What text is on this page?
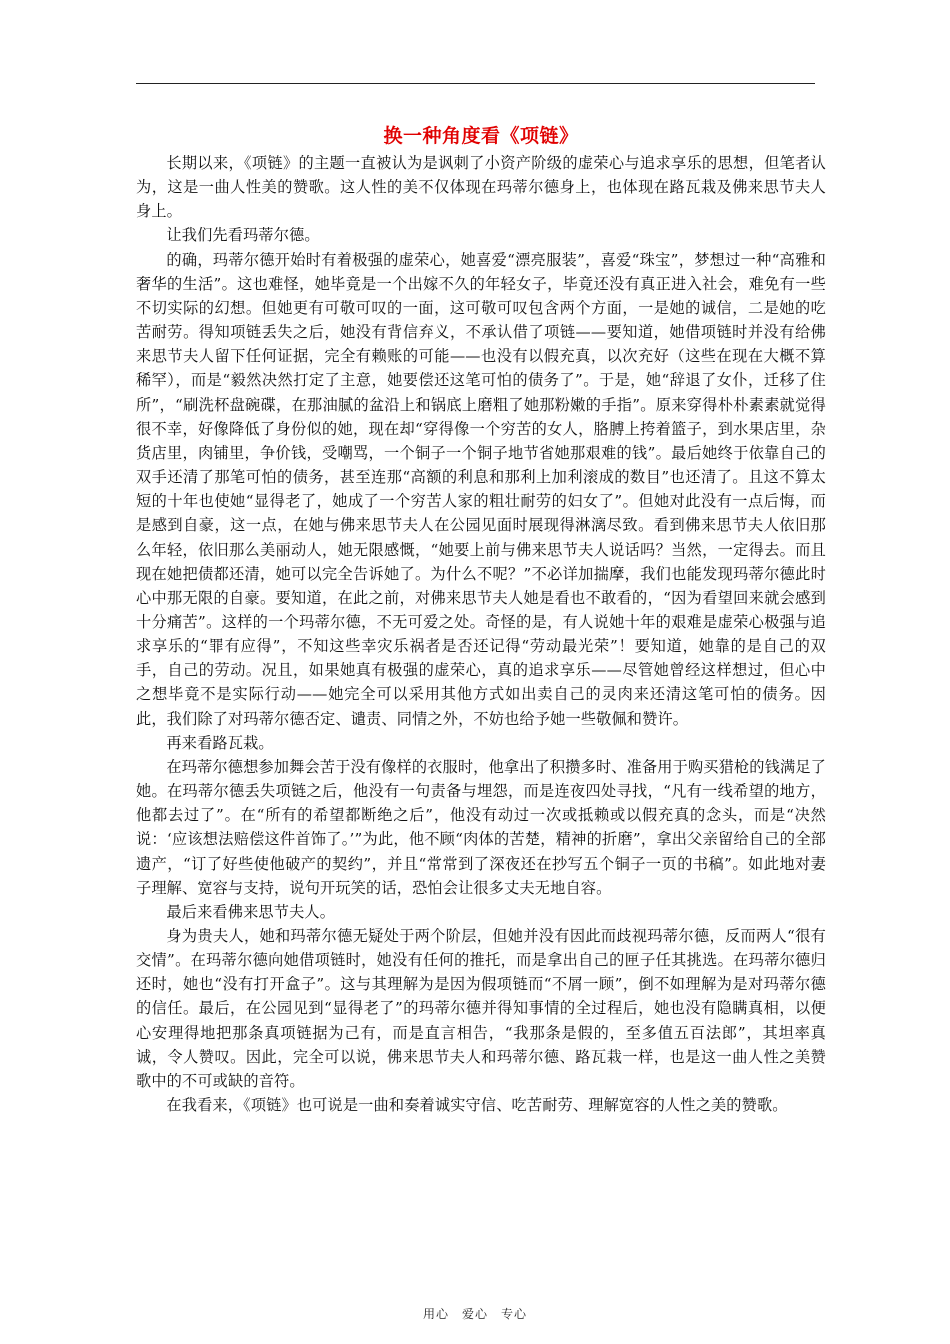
换一种角度看《项链》

长期以来，《项链》的主题一直被认为是讽刺了小资产阶级的虚荣心与追求享乐的思想，但笔者认为，这是一曲人性美的赞歌。这人性的美不仅体现在玛蒂尔德身上，也体现在路瓦栽及佛来思节夫人身上。

让我们先看玛蒂尔德。

的确，玛蒂尔德开始时有着极强的虚荣心，她喜爱“漂亮服装”，喜爱“珠宝”，梦想过一种“高雅和奢华的生活”。这也难怪，她毕竟是一个出嫁不久的年轻女子，毕竟还没有真正进入社会，难免有一些不切实际的幻想。但她更有可敬可叹的一面，这可敬可叹包含两个方面，一是她的诚信，二是她的吃苦耐劳。得知项链丢失之后，她没有背信弃义，不承认借了项链——要知道，她借项链时并没有给佛来思节夫人留下任何证据，完全有赖账的可能——也没有以假充真，以次充好（这些在现在大概不算稀罕），而是“毅然决然打定了主意，她要偿还这笔可怕的债务了”。于是，她“辞退了女仆，迁移了住所”，“刷洗杯盘碗碟，在那油腻的盆沿上和锅底上磨粗了她那粉嫩的手指”。原来穿得朴朴素素就觉得很不幸，好像降低了身份似的她，现在却“穿得像一个穷苦的女人，胳膊上挎着篮子，到水果店里，杂货店里，肉铺里，争价钱，受嘲骂，一个铜子一个铜子地节省她那艰难的钱”。最后她终于依靠自己的双手还清了那笔可怕的债务，甚至连那“高额的利息和那利上加利滚成的数目”也还清了。且这不算太短的十年也使她“显得老了，她成了一个穷苦人家的粗壮耐劳的妇女了”。但她对此没有一点后悔，而是感到自豪，这一点，在她与佛来思节夫人在公园见面时展现得淋漓尽致。看到佛来思节夫人依旧那么年轻，依旧那么美丽动人，她无限感慨，“她要上前与佛来思节夫人说话吗？当然，一定得去。而且现在她把债都还清，她可以完全告诉她了。为什么不呢？”不必详加揣摩，我们也能发现玛蒂尔德此时心中那无限的自豪。要知道，在此之前，对佛来思节夫人她是看也不敢看的，“因为看望回来就会感到十分痛苦”。这样的一个玛蒂尔德，不无可爱之处。奇怪的是，有人说她十年的艰难是虚荣心极强与追求享乐的“罪有应得”，不知这些幸灾乐祸者是否还记得“劳动最光荣”！要知道，她靠的是自己的双手，自己的劳动。况且，如果她真有极强的虚荣心，真的追求享乐——尽管她曾经这样想过，但心中之想毕竟不是实际行动——她完全可以采用其他方式如出卖自己的灵肉来还清这笔可怕的债务。因此，我们除了对玛蒂尔德否定、谴责、同情之外，不妨也给予她一些敬佩和赞许。

再来看路瓦栽。

在玛蒂尔德想参加舞会苦于没有像样的衣服时，他拿出了积攒多时、准备用于购买猎枪的钱满足了她。在玛蒂尔德丢失项链之后，他没有一句责备与埋怨，而是连夜四处寻找，“凡有一线希望的地方，他都去过了”。在“所有的希望都断绝之后”，他没有动过一次或抵赖或以假充真的念头，而是“决然说：‘应该想法赔偿这件首饰了。’”为此，他不顾“肉体的苦楚，精神的折磨”，拿出父亲留给自己的全部遗产，“订了好些使他破产的契约”，并且“常常到了深夜还在抄写五个铜子一页的书稿”。如此地对妻子理解、宽容与支持，说句开玩笑的话，恐怕会让很多丈夫无地自容。

最后来看佛来思节夫人。

身为贵夫人，她和玛蒂尔德无疑处于两个阶层，但她并没有因此而歧视玛蒂尔德，反而两人“很有交情”。在玛蒂尔德向她借项链时，她没有任何的推托，而是拿出自己的匣子任其挑选。在玛蒂尔德归还时，她也“没有打开盒子”。这与其理解为是因为假项链而“不屑一顾”，倒不如理解为是对玛蒂尔德的信任。最后，在公园见到“显得老了”的玛蒂尔德并得知事情的全过程后，她也没有隐瞒真相，以便心安理得地把那条真项链据为己有，而是直言相告，“我那条是假的，至多值五百法郎”，其坦率真诚，令人赞叹。因此，完全可以说，佛来思节夫人和玛蒂尔德、路瓦栽一样，也是这一曲人性之美赞歌中的不可或缺的音符。

在我看来，《项链》也可说是一曲和奏着诚实守信、吃苦耐劳、理解宽容的人性之美的赞歌。

用心　爱心　专心
